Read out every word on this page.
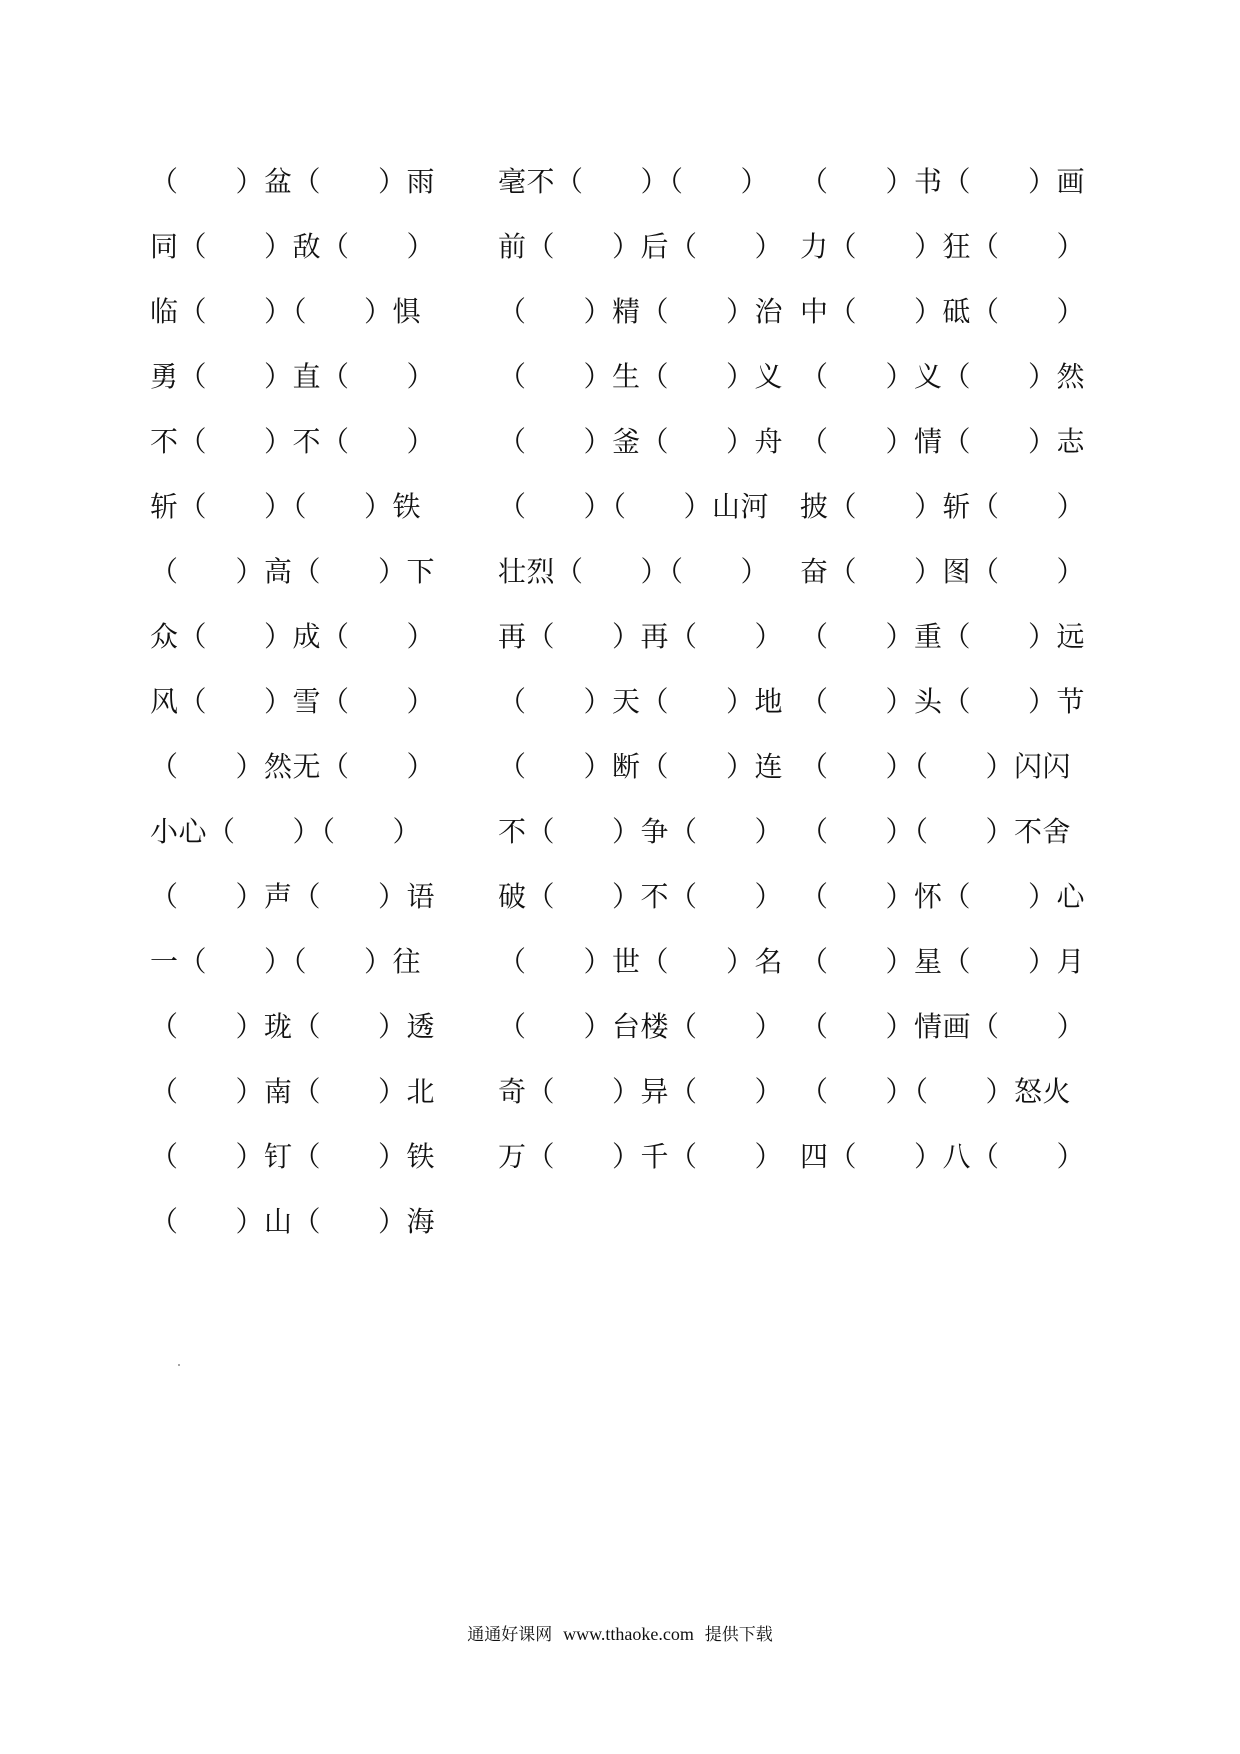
（　　）盆（　　）雨 毫不（　　）（　　） （　　）书（　　）画
同（　　）敌（　　） 前（　　）后（　　） 力（　　）狂（　　）
临（　　）（　　）惧	（　　）精（　　）治 中（　　）砥（　　）
勇（　　）直（　　） （　　）生（　　）义 （　　）义（　　）然
不（　　）不（　　） （　　）釜（　　）舟 （　　）情（　　）志
斩（　　）（　　）铁	（　　）（　　）山河 披（　　）斩（　　）
（　　）高（　　）下 壮烈（　　）（　　） 奋（　　）图（　　）
众（　　）成（　　） 再（　　）再（　　） （　　）重（　　）远
风（　　）雪（　　） （　　）天（　　）地 （　　）头（　　）节
（　　）然无（　　） （　　）断（　　）连 （　　）（　　）闪闪
小心（　　）（　　）	不（　　）争（　　） （　　）（　　）不舍
（　　）声（　　）语 破（　　）不（　　） （　　）怀（　　）心
一（　　）（　　）往	（　　）世（　　）名 （　　）星（　　）月
（　　）珑（　　）透 （　　）台楼（　　） （　　）情画（　　）
（　　）南（　　）北 奇（　　）异（　　） （　　）（　　）怒火
（　　）钉（　　）铁 万（　　）千（　　） 四（　　）八（　　）
（　　）山（　　）海
通通好课网 www.tthaoke.com 提供下载
